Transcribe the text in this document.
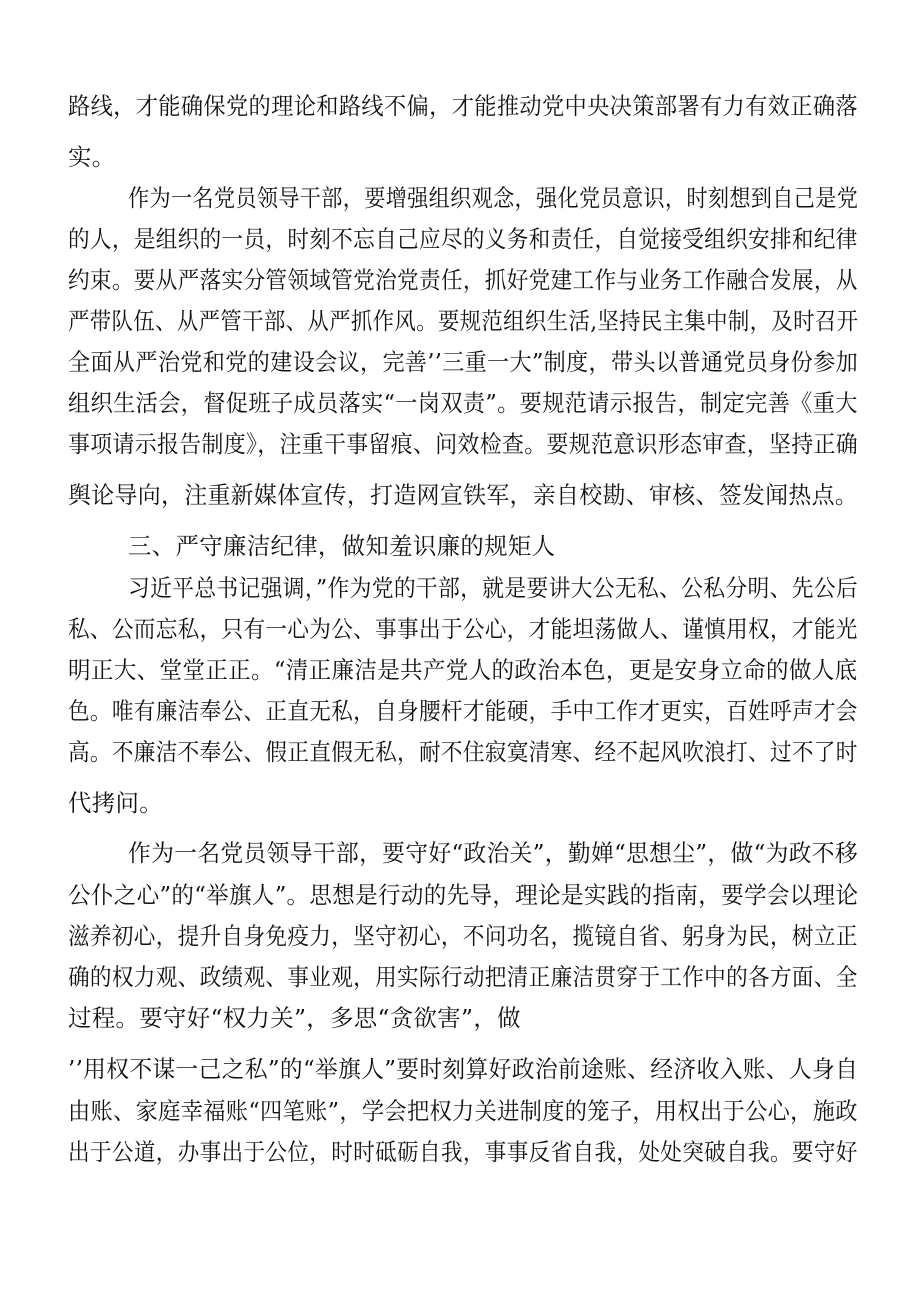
路线，才能确保党的理论和路线不偏，才能推动党中央决策部署有力有效正确落

实。

作为一名党员领导干部，要增强组织观念，强化党员意识，时刻想到自己是党

的人，是组织的一员，时刻不忘自己应尽的义务和责任，自觉接受组织安排和纪律

约束。要从严落实分管领域管党治党责任，抓好党建工作与业务工作融合发展，从

严带队伍、从严管干部、从严抓作风。要规范组织生活,坚持民主集中制，及时召开

全面从严治党和党的建设会议，完善’’三重一大”制度，带头以普通党员身份参加

组织生活会，督促班子成员落实“一岗双责”。要规范请示报告，制定完善《重大

事项请示报告制度》，注重干事留痕、问效检查。要规范意识形态审查，坚持正确

舆论导向，注重新媒体宣传，打造网宣铁军，亲自校勘、审核、签发闻热点。

三、严守廉洁纪律，做知羞识廉的规矩人

习近平总书记强调，”作为党的干部，就是要讲大公无私、公私分明、先公后

私、公而忘私，只有一心为公、事事出于公心，才能坦荡做人、谨慎用权，才能光

明正大、堂堂正正。“清正廉洁是共产党人的政治本色，更是安身立命的做人底

色。唯有廉洁奉公、正直无私，自身腰杆才能硬，手中工作才更实，百姓呼声才会

高。不廉洁不奉公、假正直假无私，耐不住寂寞清寒、经不起风吹浪打、过不了时

代拷问。

作为一名党员领导干部，要守好“政治关”，勤婵“思想尘”，做“为政不移

公仆之心”的“举旗人”。思想是行动的先导，理论是实践的指南，要学会以理论

滋养初心，提升自身免疫力，坚守初心，不问功名，揽镜自省、躬身为民，树立正

确的权力观、政绩观、事业观，用实际行动把清正廉洁贯穿于工作中的各方面、全

过程。要守好“权力关”，多思“贪欲害”，做

’’用权不谋一己之私”的“举旗人”要时刻算好政治前途账、经济收入账、人身自

由账、家庭幸福账“四笔账”，学会把权力关进制度的笼子，用权出于公心，施政

出于公道，办事出于公位，时时砥砺自我，事事反省自我，处处突破自我。要守好
